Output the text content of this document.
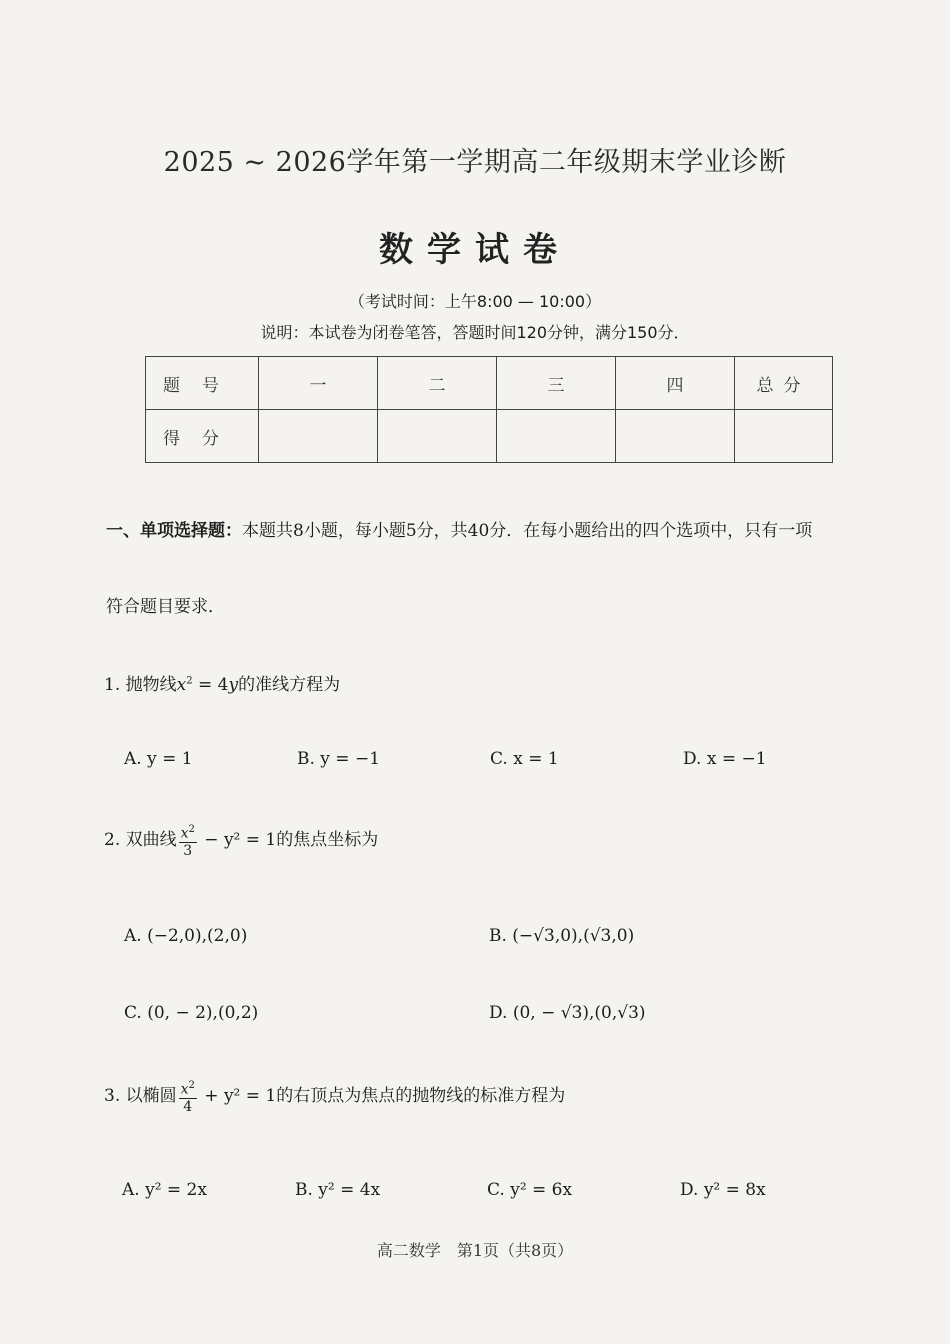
2025 ~ 2026学年第一学期高二年级期末学业诊断
数学试卷
（考试时间：上午8:00 — 10:00）
说明：本试卷为闭卷笔答，答题时间120分钟，满分150分．
题号	一	二	三	四	总分
得分					
一、单项选择题：本题共8小题，每小题5分，共40分．在每小题给出的四个选项中，只有一项
符合题目要求．
1. 抛物线$x^2 = 4y$的准线方程为
A. y = 1	B. y = −1	C. x = 1	D. x = −1
2. 双曲线 $\frac{x^2}{3} - y^2 = 1$的焦点坐标为
A. (−2,0),(2,0)	B. (−√3,0),(√3,0)
C. (0, − 2),(0,2)	D. (0, − √3),(0,√3)
3. 以椭圆 $\frac{x^2}{4} + y^2 = 1$的右顶点为焦点的抛物线的标准方程为
A. y² = 2x	B. y² = 4x	C. y² = 6x	D. y² = 8x
高二数学　第1页（共8页）
